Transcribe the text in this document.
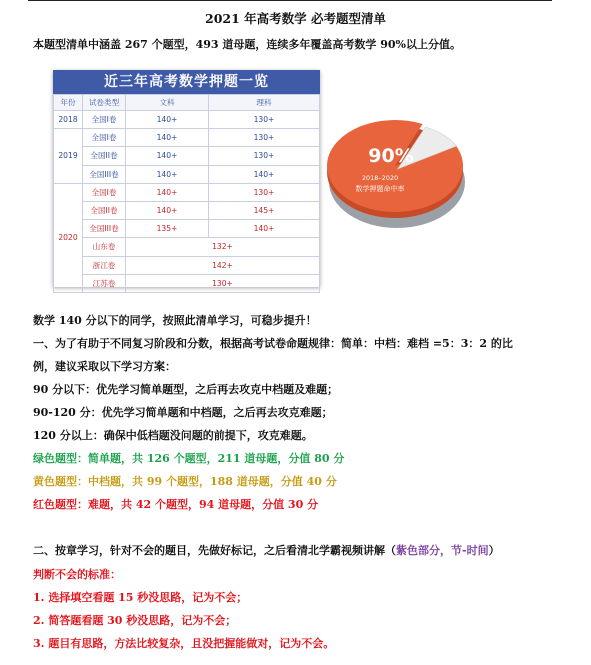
2021 年高考数学 必考题型清单
本题型清单中涵盖 267 个题型，493 道母题，连续多年覆盖高考数学 90%以上分值。
近三年高考数学押题一览
年份	试卷类型	文科	理科
2018	全国I卷	140+	130+
2019	全国I卷	140+	130+
	全国II卷	140+	130+
	全国III卷	140+	140+
2020	全国I卷	140+	130+
	全国II卷	140+	145+
	全国III卷	135+	140+
	山东卷	132+	
	浙江卷	142+	
	江苏卷	130+	
90%
2018–2020
数学押题命中率
数学 140 分以下的同学，按照此清单学习，可稳步提升！
一、为了有助于不同复习阶段和分数，根据高考试卷命题规律：简单：中档：难档 =5：3：2 的比
例，建议采取以下学习方案：
90 分以下：优先学习简单题型，之后再去攻克中档题及难题；
90-120 分：优先学习简单题和中档题，之后再去攻克难题；
120 分以上：确保中低档题没问题的前提下，攻克难题。
绿色题型：简单题，共 126 个题型，211 道母题，分值 80 分
黄色题型：中档题，共 99 个题型，188 道母题，分值 40 分
红色题型：难题，共 42 个题型，94 道母题，分值 30 分
二、按章学习，针对不会的题目，先做好标记，之后看清北学霸视频讲解（紫色部分，节-时间）
判断不会的标准：
1. 选择填空看题 15 秒没思路，记为不会；
2. 简答题看题 30 秒没思路，记为不会；
3. 题目有思路，方法比较复杂，且没把握能做对，记为不会。
